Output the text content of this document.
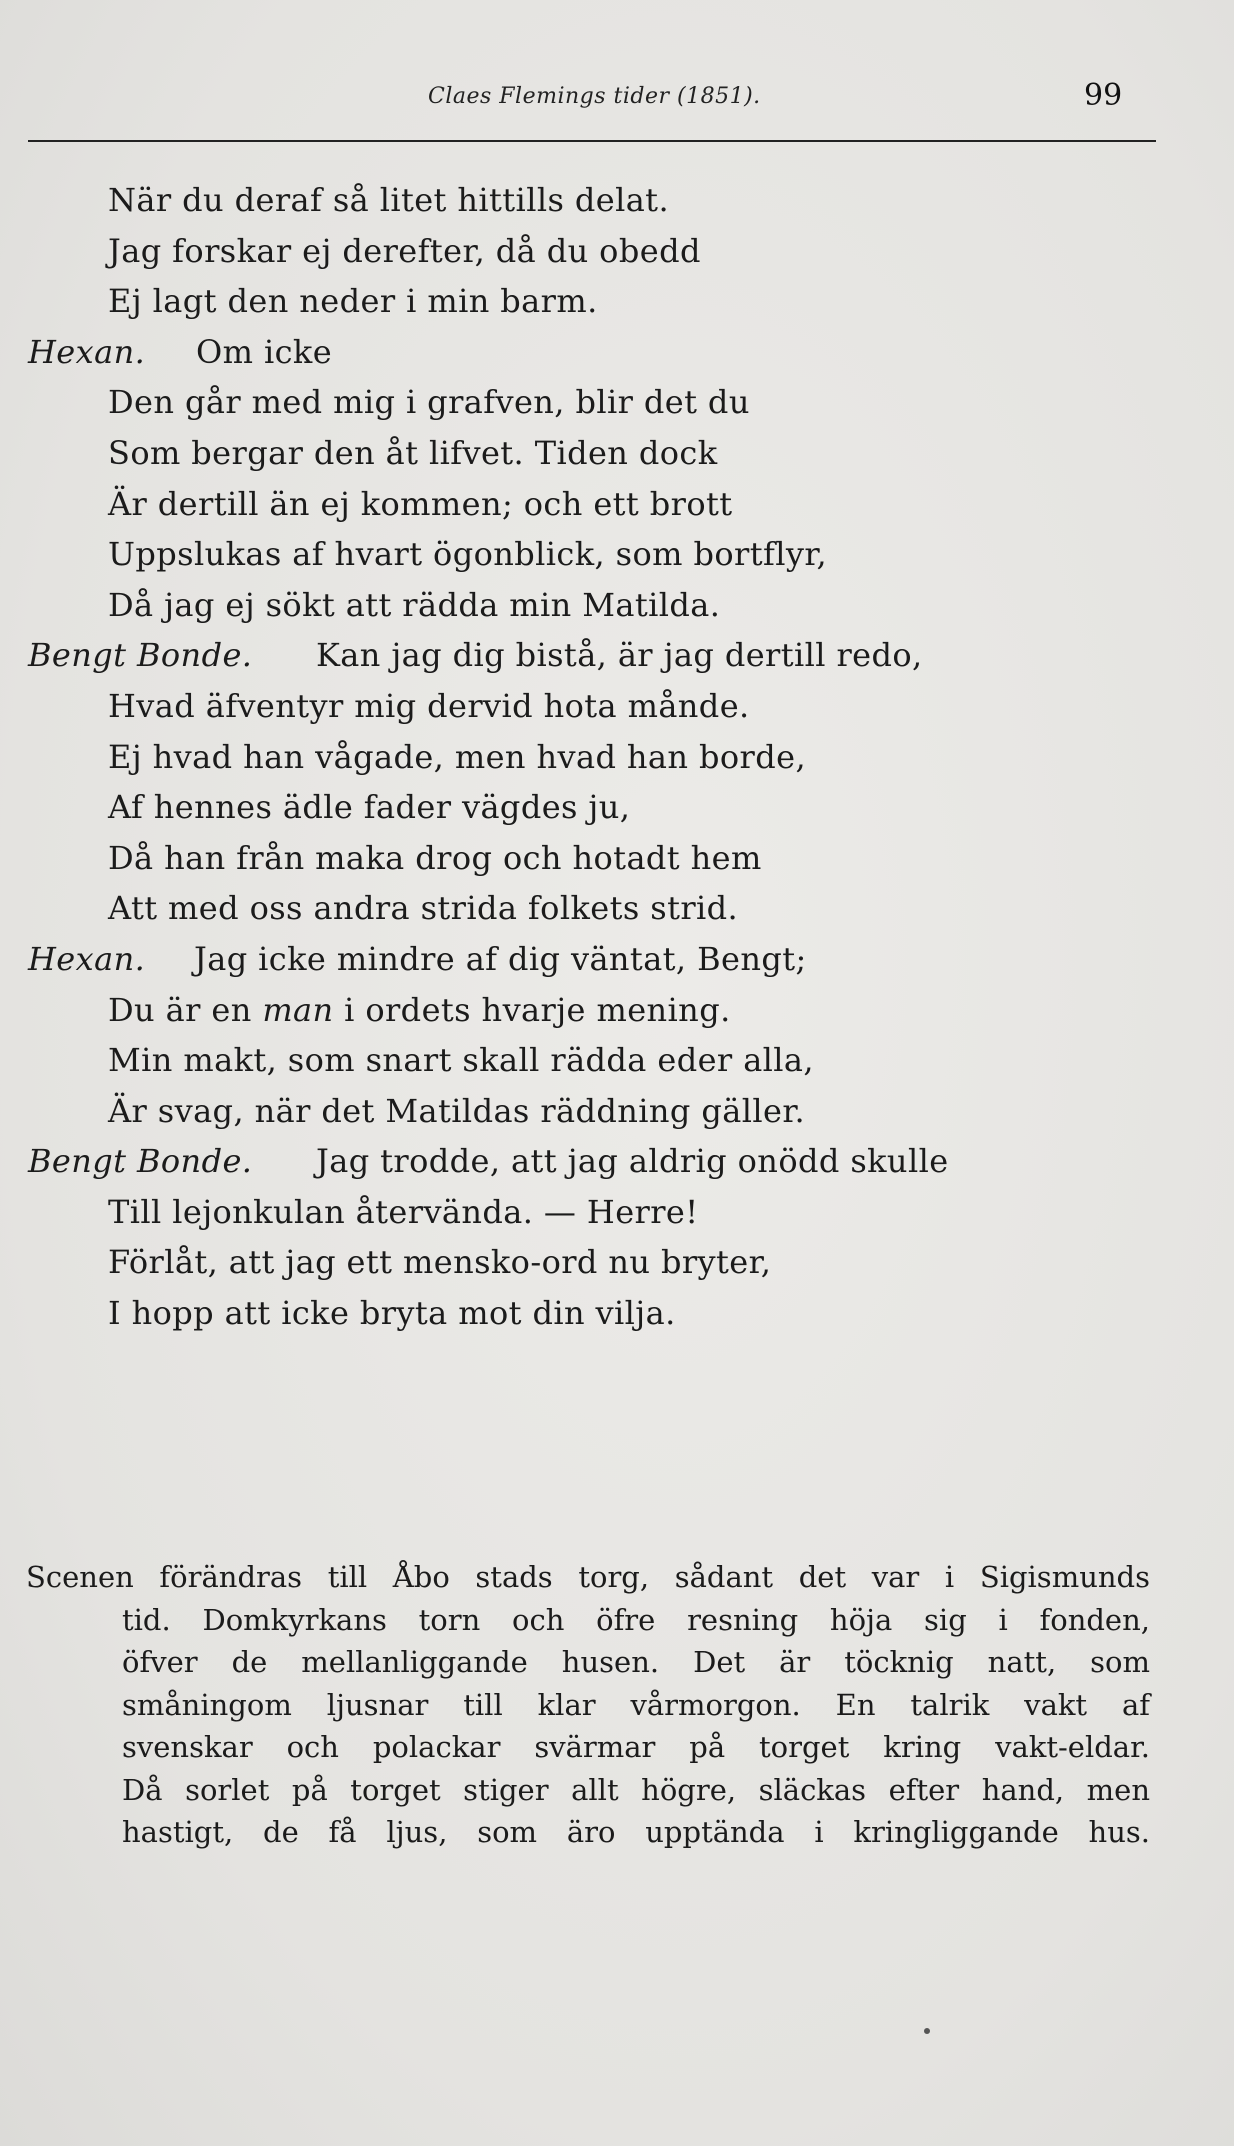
Claes Flemings tider (1851).	99
När du deraf så litet hittills delat.
Jag forskar ej derefter, då du obedd
Ej lagt den neder i min barm.
Hexan. Om icke
Den går med mig i grafven, blir det du
Som bergar den åt lifvet. Tiden dock
Är dertill än ej kommen; och ett brott
Uppslukas af hvart ögonblick, som bortflyr,
Då jag ej sökt att rädda min Matilda.
Bengt Bonde. Kan jag dig bistå, är jag dertill redo,
Hvad äfventyr mig dervid hota månde.
Ej hvad han vågade, men hvad han borde,
Af hennes ädle fader vägdes ju,
Då han från maka drog och hotadt hem
Att med oss andra strida folkets strid.
Hexan. Jag icke mindre af dig väntat, Bengt;
Du är en man i ordets hvarje mening.
Min makt, som snart skall rädda eder alla,
Är svag, när det Matildas räddning gäller.
Bengt Bonde. Jag trodde, att jag aldrig onödd skulle
Till lejonkulan återvända. — Herre!
Förlåt, att jag ett mensko-ord nu bryter,
I hopp att icke bryta mot din vilja.
Scenen förändras till Åbo stads torg, sådant det var i Sigismunds
tid. Domkyrkans torn och öfre resning höja sig i fonden,
öfver de mellanliggande husen. Det är töcknig natt, som
småningom ljusnar till klar vårmorgon. En talrik vakt af
svenskar och polackar svärmar på torget kring vakt-eldar.
Då sorlet på torget stiger allt högre, släckas efter hand, men
hastigt, de få ljus, som äro upptända i kringliggande hus.
